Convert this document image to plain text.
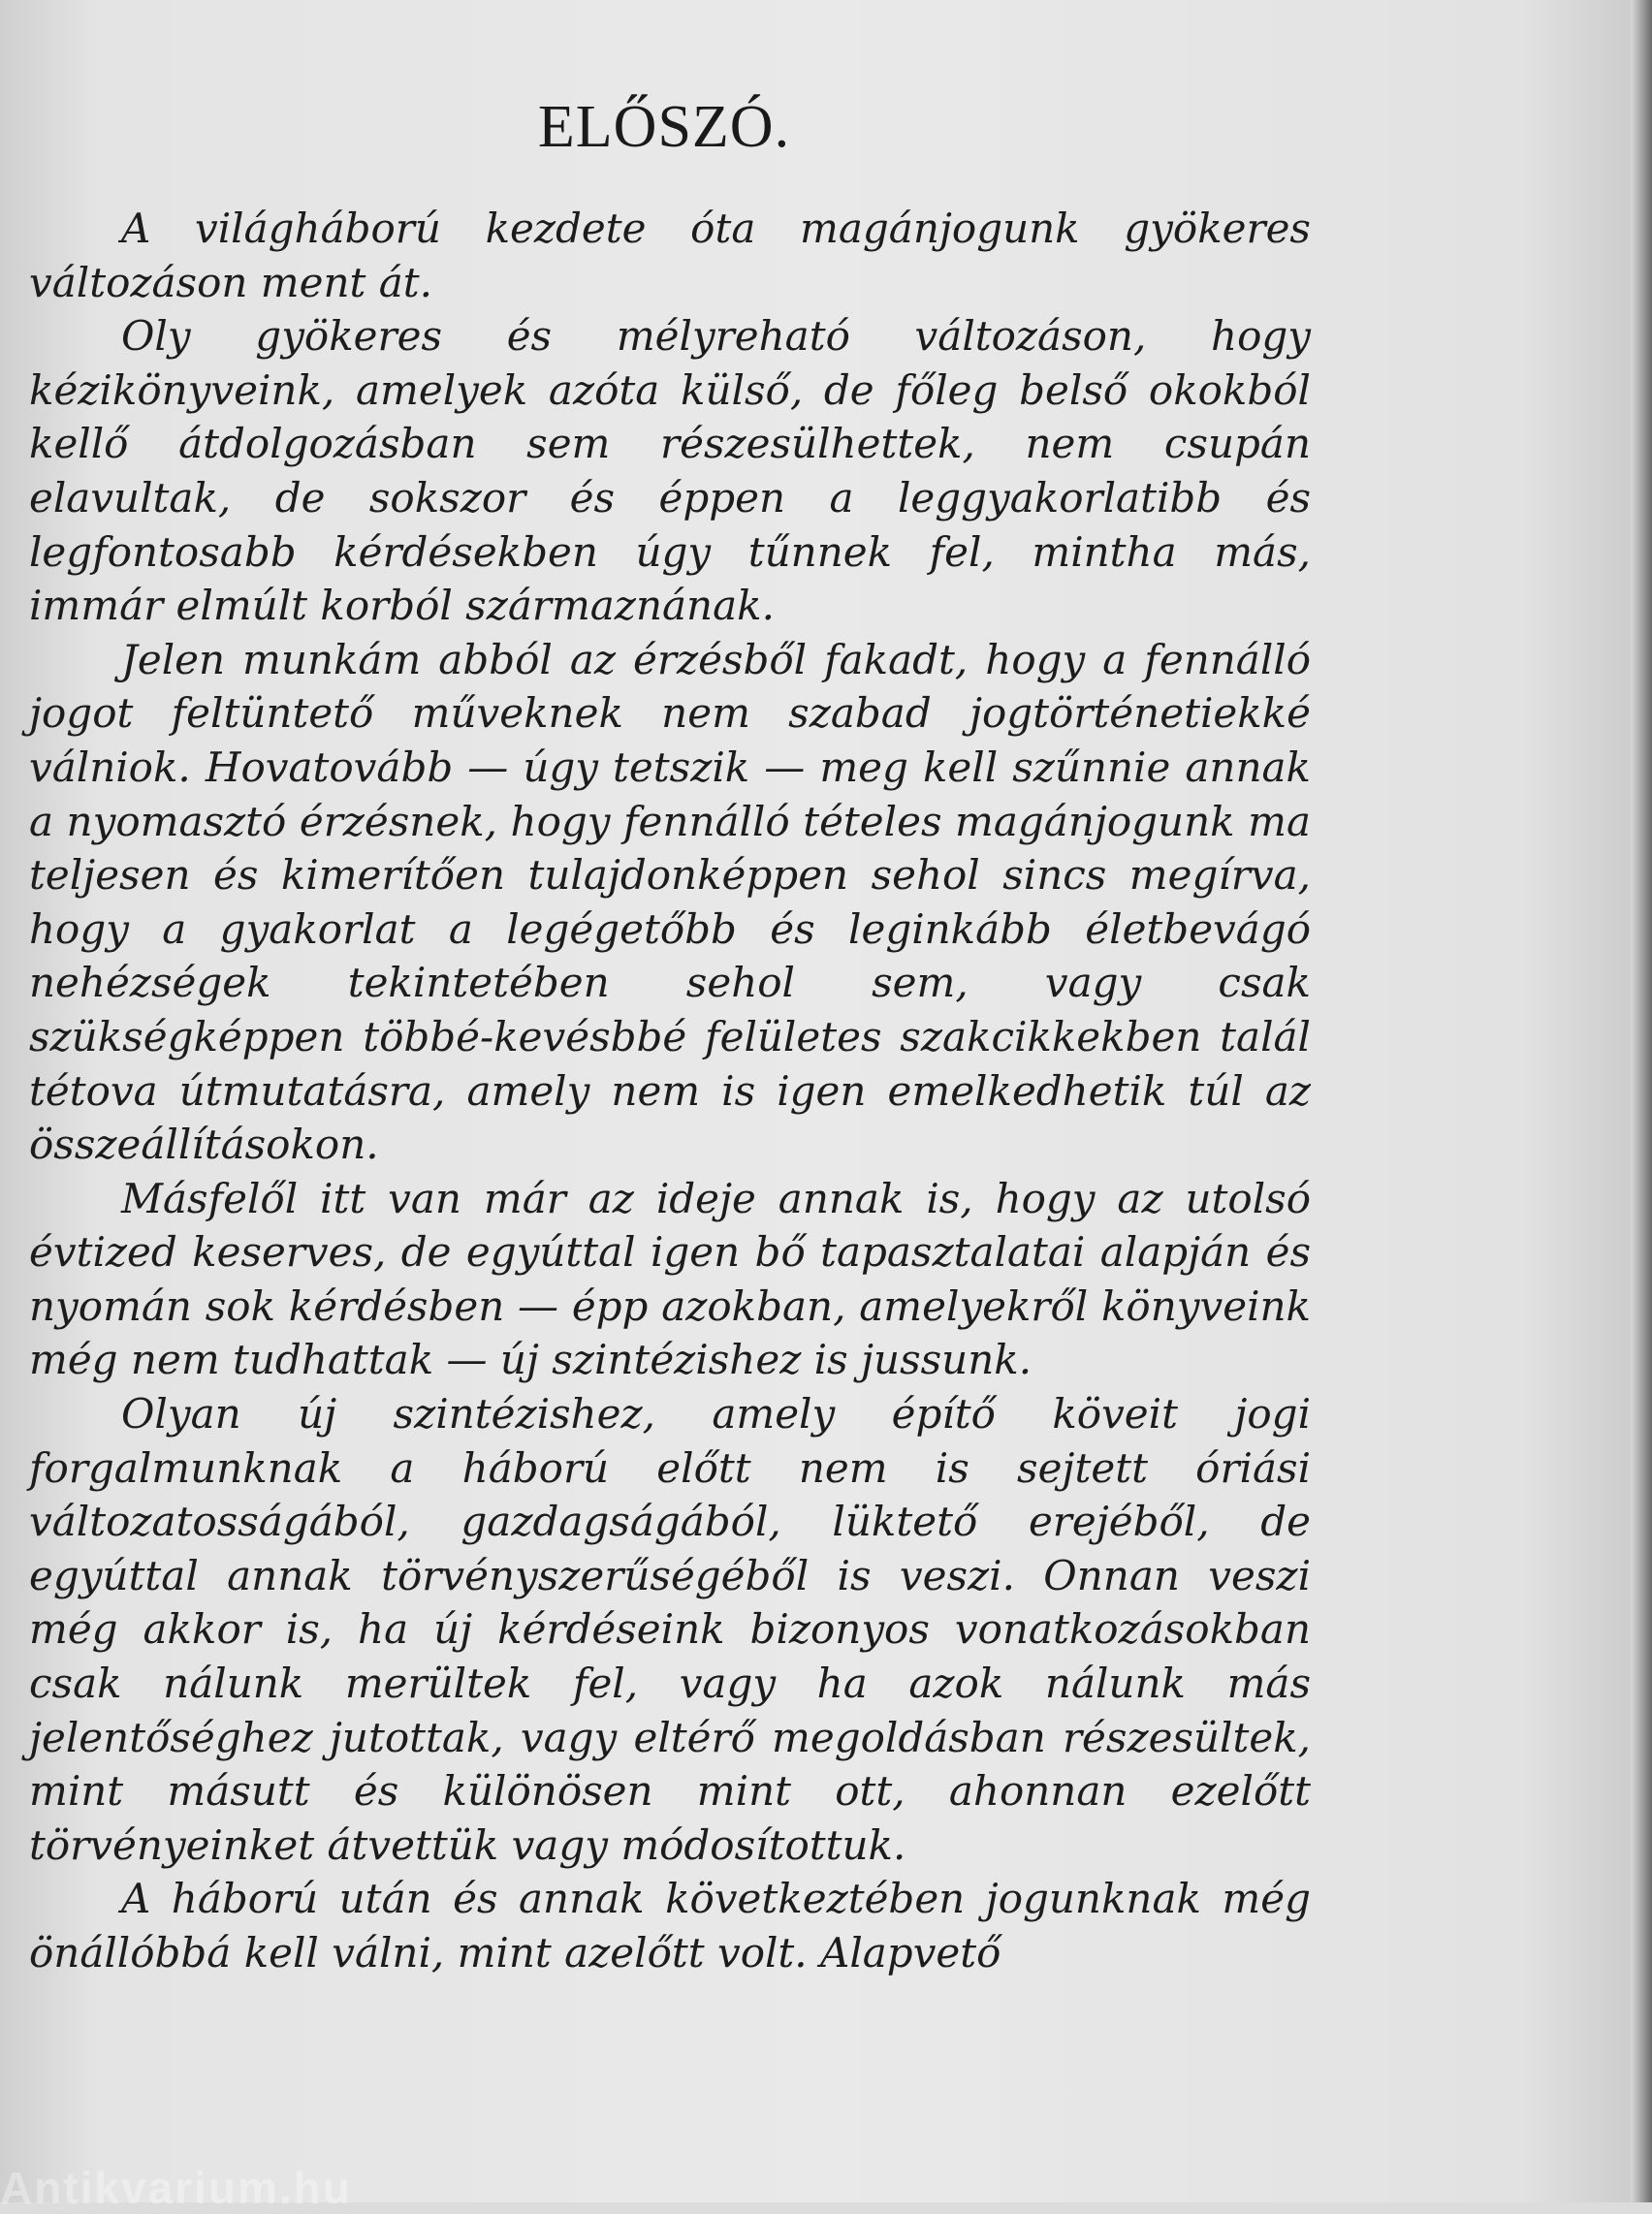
ELŐSZÓ.

A világháború kezdete óta magánjogunk gyökeres változáson ment át.

Oly gyökeres és mélyreható változáson, hogy kézikönyveink, amelyek azóta külső, de főleg belső okokból kellő átdolgozásban sem részesülhettek, nem csupán elavultak, de sokszor és éppen a leggyakorlatibb és legfontosabb kérdésekben úgy tűnnek fel, mintha más, immár elmúlt korból származnának.

Jelen munkám abból az érzésből fakadt, hogy a fennálló jogot feltüntető műveknek nem szabad jogtörténetiekké válniok. Hovatovább — úgy tetszik — meg kell szűnnie annak a nyomasztó érzésnek, hogy fennálló tételes magánjogunk ma teljesen és kimerítően tulajdonképpen sehol sincs megírva, hogy a gyakorlat a legégetőbb és leginkább életbevágó nehézségek tekintetében sehol sem, vagy csak szükségképpen többé-kevésbbé felületes szakcikkekben talál tétova útmutatásra, amely nem is igen emelkedhetik túl az összeállításokon.

Másfelől itt van már az ideje annak is, hogy az utolsó évtized keserves, de egyúttal igen bő tapasztalatai alapján és nyomán sok kérdésben — épp azokban, amelyekről könyveink még nem tudhattak — új szintézishez is jussunk.

Olyan új szintézishez, amely építő köveit jogi forgalmunknak a háború előtt nem is sejtett óriási változatosságából, gazdagságából, lüktető erejéből, de egyúttal annak törvényszerűségéből is veszi. Onnan veszi még akkor is, ha új kérdéseink bizonyos vonatkozásokban csak nálunk merültek fel, vagy ha azok nálunk más jelentőséghez jutottak, vagy eltérő megoldásban részesültek, mint másutt és különösen mint ott, ahonnan ezelőtt törvényeinket átvettük vagy módosítottuk.

A háború után és annak következtében jogunknak még önállóbbá kell válni, mint azelőtt volt. Alapvető

Antikvarium.hu
